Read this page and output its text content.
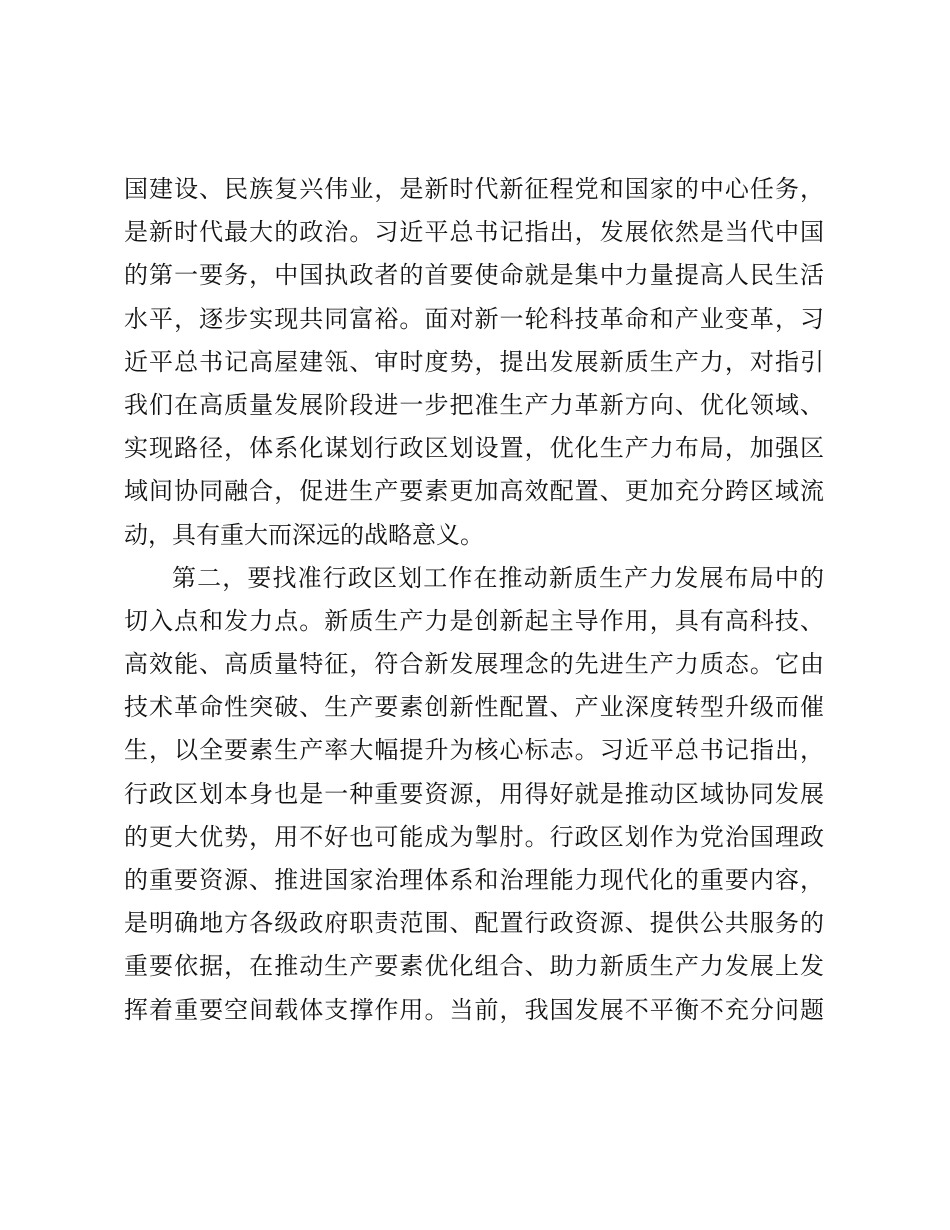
国建设、民族复兴伟业，是新时代新征程党和国家的中心任务，
是新时代最大的政治。习近平总书记指出，发展依然是当代中国
的第一要务，中国执政者的首要使命就是集中力量提高人民生活
水平，逐步实现共同富裕。面对新一轮科技革命和产业变革，习
近平总书记高屋建瓴、审时度势，提出发展新质生产力，对指引
我们在高质量发展阶段进一步把准生产力革新方向、优化领域、
实现路径，体系化谋划行政区划设置，优化生产力布局，加强区
域间协同融合，促进生产要素更加高效配置、更加充分跨区域流
动，具有重大而深远的战略意义。
第二，要找准行政区划工作在推动新质生产力发展布局中的
切入点和发力点。新质生产力是创新起主导作用，具有高科技、
高效能、高质量特征，符合新发展理念的先进生产力质态。它由
技术革命性突破、生产要素创新性配置、产业深度转型升级而催
生，以全要素生产率大幅提升为核心标志。习近平总书记指出，
行政区划本身也是一种重要资源，用得好就是推动区域协同发展
的更大优势，用不好也可能成为掣肘。行政区划作为党治国理政
的重要资源、推进国家治理体系和治理能力现代化的重要内容，
是明确地方各级政府职责范围、配置行政资源、提供公共服务的
重要依据，在推动生产要素优化组合、助力新质生产力发展上发
挥着重要空间载体支撑作用。当前，我国发展不平衡不充分问题
